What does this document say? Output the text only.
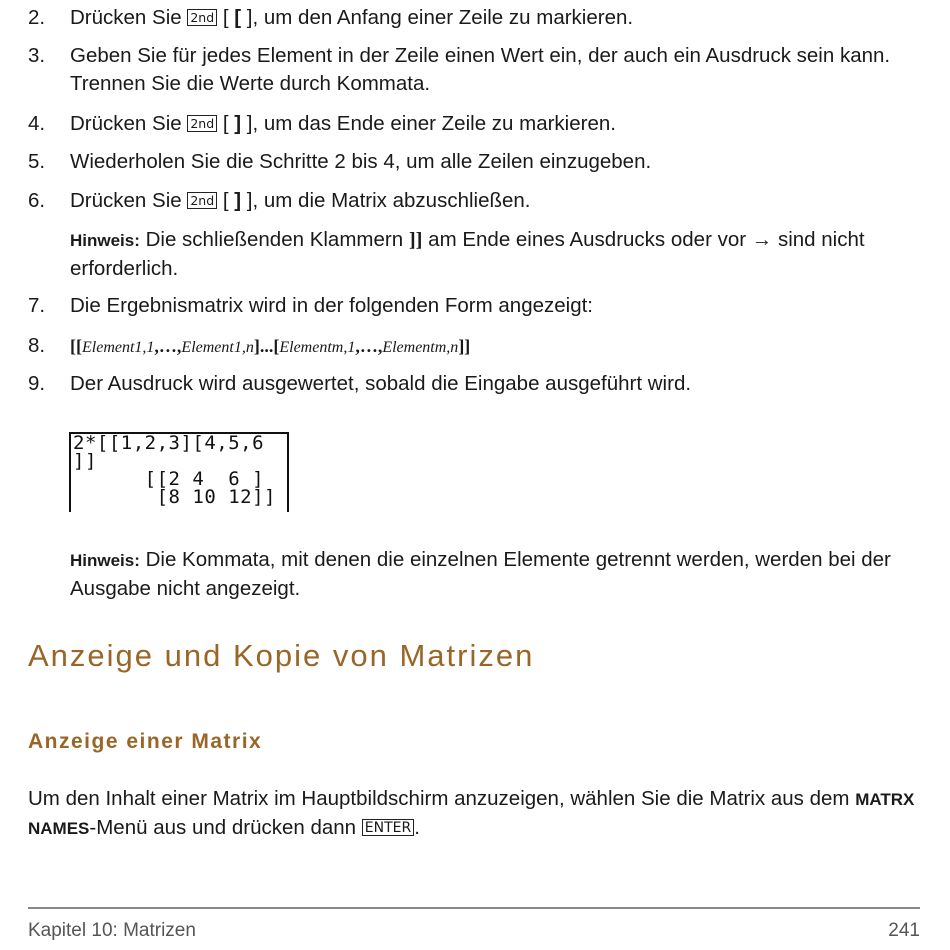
2. Drücken Sie 2nd [ [ ], um den Anfang einer Zeile zu markieren.
3. Geben Sie für jedes Element in der Zeile einen Wert ein, der auch ein Ausdruck sein kann. Trennen Sie die Werte durch Kommata.
4. Drücken Sie 2nd [ ] ], um das Ende einer Zeile zu markieren.
5. Wiederholen Sie die Schritte 2 bis 4, um alle Zeilen einzugeben.
6. Drücken Sie 2nd [ ] ], um die Matrix abzuschließen.
Hinweis: Die schließenden Klammern ]] am Ende eines Ausdrucks oder vor → sind nicht erforderlich.
7. Die Ergebnismatrix wird in der folgenden Form angezeigt:
8. [[Element1,1,…,Element1,n]...[Elementm,1,…,Elementm,n]]
9. Der Ausdruck wird ausgewertet, sobald die Eingabe ausgeführt wird.
2*[[1,2,3][4,5,6
]]
[[2 4  6 ]
[8 10 12]]
Hinweis: Die Kommata, mit denen die einzelnen Elemente getrennt werden, werden bei der Ausgabe nicht angezeigt.
Anzeige und Kopie von Matrizen
Anzeige einer Matrix
Um den Inhalt einer Matrix im Hauptbildschirm anzuzeigen, wählen Sie die Matrix aus dem MATRX NAMES-Menü aus und drücken dann ENTER .
Kapitel 10: Matrizen	241
